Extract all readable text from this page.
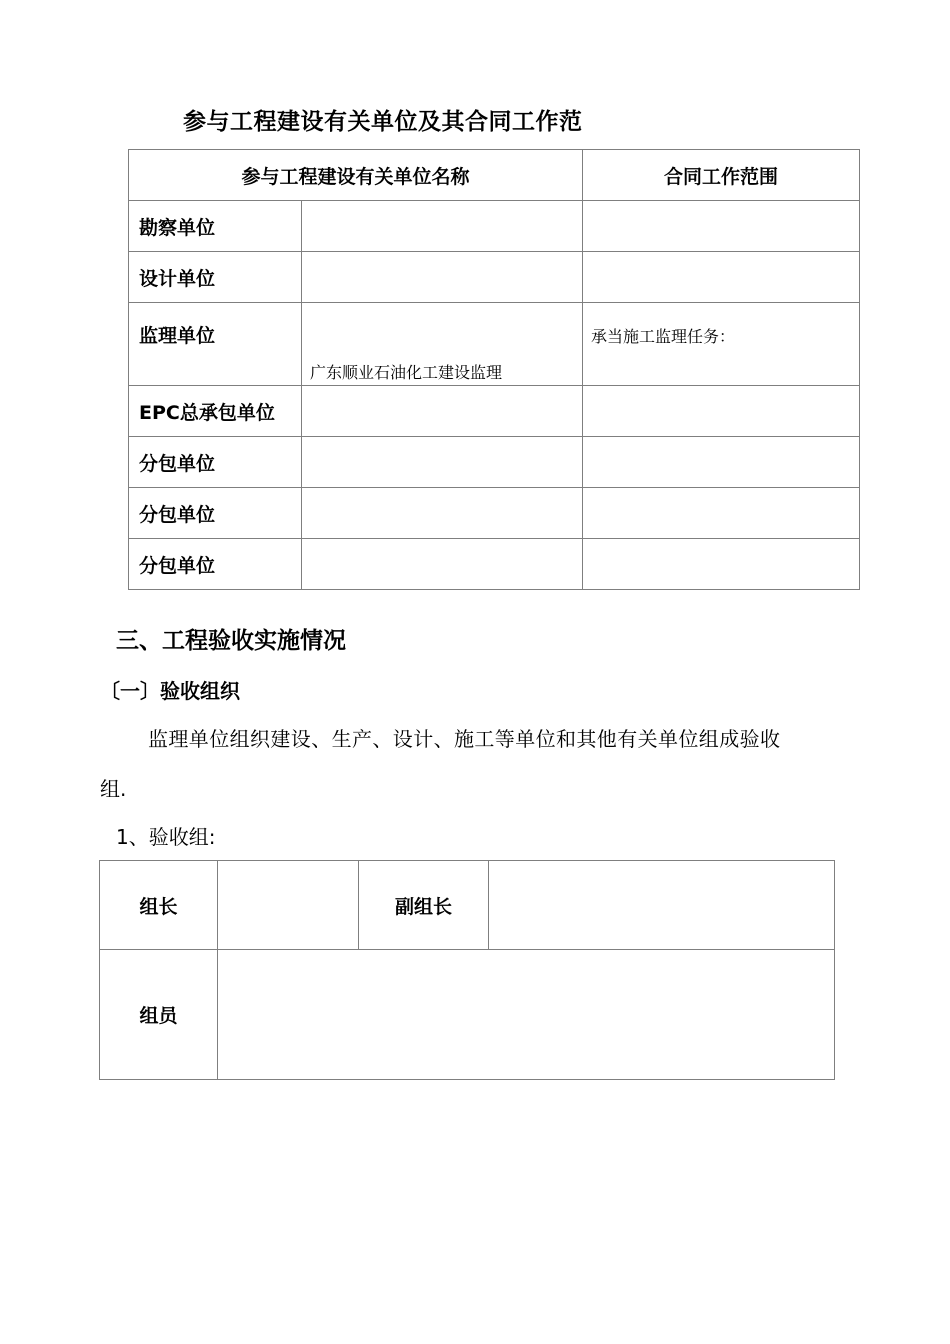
参与工程建设有关单位及其合同工作范
参与工程建设有关单位名称		合同工作范围
勘察单位		
设计单位		
监理单位	广东顺业石油化工建设监理	承当施工监理任务：
EPC总承包单位		
分包单位		
分包单位		
分包单位		
三、工程验收实施情况
〔一〕验收组织
监理单位组织建设、生产、设计、施工等单位和其他有关单位组成验收
组.
1、验收组:
组长		副组长	
组员			
